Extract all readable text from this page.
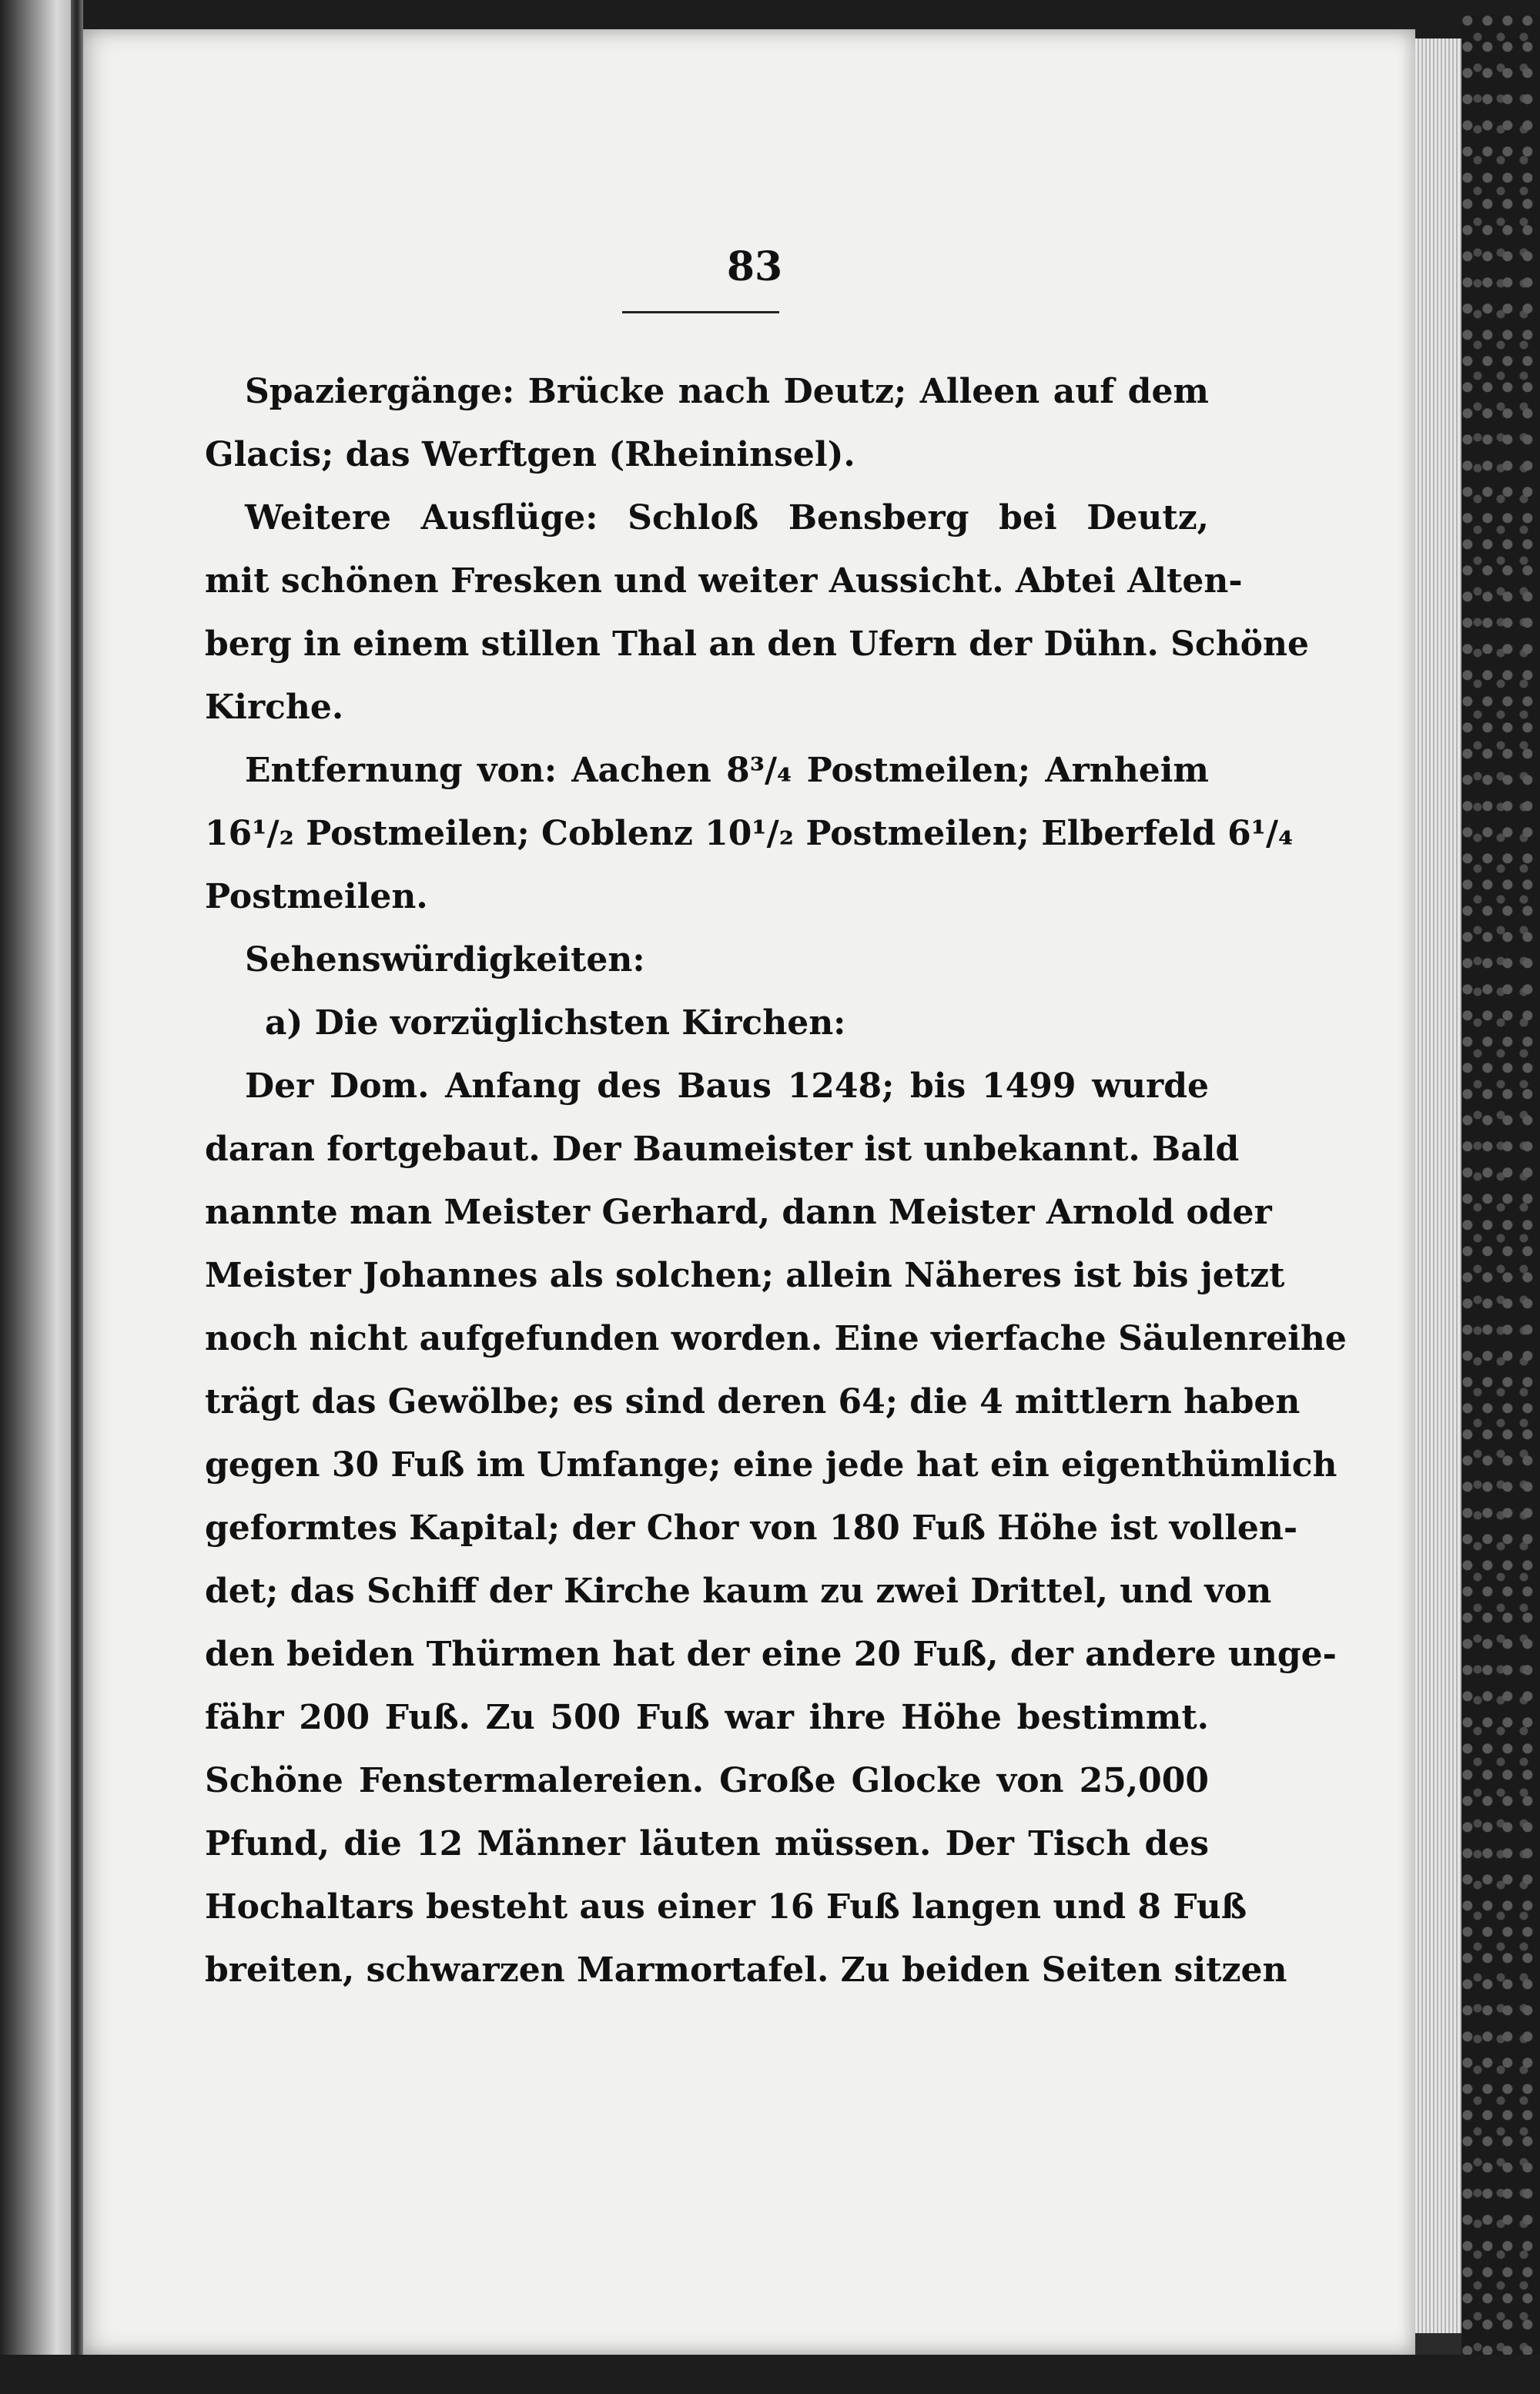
83
Spaziergänge: Brücke nach Deutz; Alleen auf dem
Glacis; das Werftgen (Rheininsel).
Weitere Ausflüge: Schloß Bensberg bei Deutz,
mit schönen Fresken und weiter Aussicht. Abtei Alten-
berg in einem stillen Thal an den Ufern der Dühn. Schöne
Kirche.
Entfernung von: Aachen 8³/₄ Postmeilen; Arnheim
16¹/₂ Postmeilen; Coblenz 10¹/₂ Postmeilen; Elberfeld 6¹/₄
Postmeilen.
Sehenswürdigkeiten:
a) Die vorzüglichsten Kirchen:
Der Dom. Anfang des Baus 1248; bis 1499 wurde
daran fortgebaut. Der Baumeister ist unbekannt. Bald
nannte man Meister Gerhard, dann Meister Arnold oder
Meister Johannes als solchen; allein Näheres ist bis jetzt
noch nicht aufgefunden worden. Eine vierfache Säulenreihe
trägt das Gewölbe; es sind deren 64; die 4 mittlern haben
gegen 30 Fuß im Umfange; eine jede hat ein eigenthümlich
geformtes Kapital; der Chor von 180 Fuß Höhe ist vollen-
det; das Schiff der Kirche kaum zu zwei Drittel, und von
den beiden Thürmen hat der eine 20 Fuß, der andere unge-
fähr 200 Fuß. Zu 500 Fuß war ihre Höhe bestimmt.
Schöne Fenstermalereien. Große Glocke von 25,000
Pfund, die 12 Männer läuten müssen. Der Tisch des
Hochaltars besteht aus einer 16 Fuß langen und 8 Fuß
breiten, schwarzen Marmortafel. Zu beiden Seiten sitzen
